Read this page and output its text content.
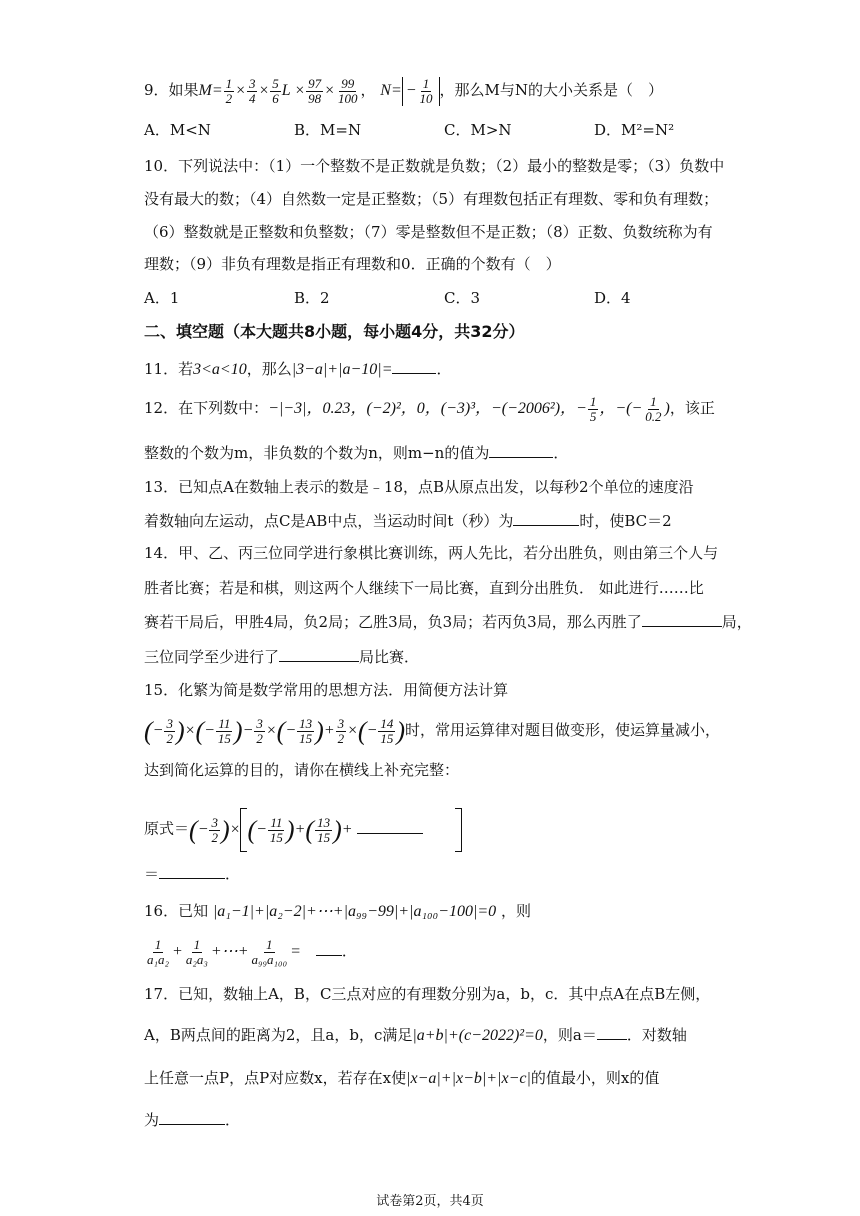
9．如果$M= \frac{1}{2} \times \frac{3}{4} \times \frac{5}{6}$ $L \times \frac{97}{98} \times \frac{99}{100}$ ， $N= - \frac{1}{10}$ ，那么M与N的大小关系是（　）
A．M<N	B．M=N	C．M>N	D．M²=N²
10．下列说法中：（1）一个整数不是正数就是负数；（2）最小的整数是零；（3）负数中
没有最大的数；（4）自然数一定是正整数；（5）有理数包括正有理数、零和负有理数；
（6）整数就是正整数和负整数；（7）零是整数但不是正数；（8）正数、负数统称为有
理数；（9）非负有理数是指正有理数和0．正确的个数有（　）
A．1	B．2	C．3	D．4
二、填空题（本大题共8小题，每小题4分，共32分）
11．若3<a<10，那么|3−a|+|a−10|=	．
12．在下列数中：−|−3|，0.23，(−2)²，0，(−3)³，−(−2006²)，− $\frac{1}{5}$ ，−(− $\frac{1}{0.2}$ )，该正
整数的个数为m，非负数的个数为n，则m−n的值为	．
13．已知点A在数轴上表示的数是﹣18，点B从原点出发，以每秒2个单位的速度沿
着数轴向左运动，点C是AB中点，当运动时间t（秒）为	时，使BC＝2
14．甲、乙、丙三位同学进行象棋比赛训练，两人先比，若分出胜负，则由第三个人与
胜者比赛；若是和棋，则这两个人继续下一局比赛，直到分出胜负． 如此进行……比
赛若干局后，甲胜4局，负2局；乙胜3局，负3局；若丙负3局，那么丙胜了	局，
三位同学至少进行了	局比赛．
15．化繁为简是数学常用的思想方法．用简便方法计算
(− $\frac{3}{2}$ )×(− $\frac{11}{15}$ )− $\frac{3}{2}$ ×(− $\frac{13}{15}$ )+ $\frac{3}{2}$ ×(− $\frac{14}{15}$ )时，常用运算律对题目做变形，使运算量减小，
达到简化运算的目的，请你在横线上补充完整：
原式＝(− $\frac{3}{2}$ )× (− $\frac{11}{15}$ )+( $\frac{13}{15}$ )+ 　　
＝	．
16．已知 |a₁−1|+|a₂−2|+⋯+|a₉₉−99|+|a₁₀₀−100|=0 ，则
$\frac{1}{\text{a₁a₂}} + \frac{1}{\text{a₂a₃}}$ +⋯+ $\frac{1}{\text{a₉₉a₁₀₀}}$ =　	．
17．已知，数轴上A，B，C三点对应的有理数分别为a，b，c．其中点A在点B左侧，
A，B两点间的距离为2，且a，b，c满足|a+b|+(c−2022)²=0，则a＝ ．对数轴
上任意一点P，点P对应数x，若存在x使|x−a|+|x−b|+|x−c|的值最小，则x的值
为	．
试卷第2页，共4页
